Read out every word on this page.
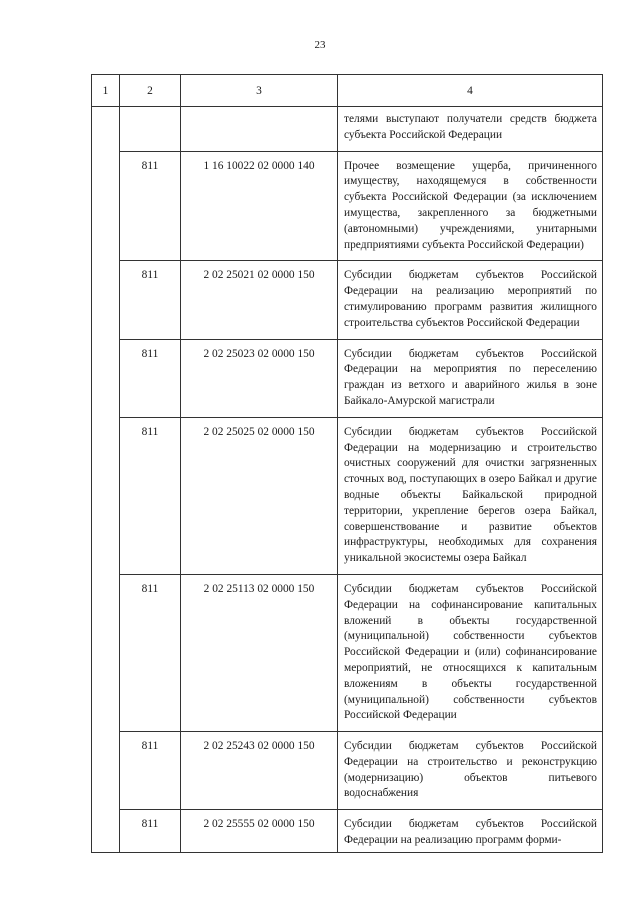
23
1	2	3	4
			телями выступают получатели средств бюджета субъекта Российской Федерации
	811	1 16 10022 02 0000 140	Прочее возмещение ущерба, причиненного имуществу, находящемуся в собственности субъекта Российской Федерации (за исключением имущества, закрепленного за бюджетными (автономными) учреждениями, унитарными предприятиями субъекта Российской Федерации)
	811	2 02 25021 02 0000 150	Субсидии бюджетам субъектов Российской Федерации на реализацию мероприятий по стимулированию программ развития жилищного строительства субъектов Российской Федерации
	811	2 02 25023 02 0000 150	Субсидии бюджетам субъектов Российской Федерации на мероприятия по переселению граждан из ветхого и аварийного жилья в зоне Байкало-Амурской магистрали
	811	2 02 25025 02 0000 150	Субсидии бюджетам субъектов Российской Федерации на модернизацию и строительство очистных сооружений для очистки загрязненных сточных вод, поступающих в озеро Байкал и другие водные объекты Байкальской природной территории, укрепление берегов озера Байкал, совершенствование и развитие объектов инфраструктуры, необходимых для сохранения уникальной экосистемы озера Байкал
	811	2 02 25113 02 0000 150	Субсидии бюджетам субъектов Российской Федерации на софинансирование капитальных вложений в объекты государственной (муниципальной) собственности субъектов Российской Федерации и (или) софинансирование мероприятий, не относящихся к капитальным вложениям в объекты государственной (муниципальной) собственности субъектов Российской Федерации
	811	2 02 25243 02 0000 150	Субсидии бюджетам субъектов Российской Федерации на строительство и реконструкцию (модернизацию) объектов питьевого водоснабжения
	811	2 02 25555 02 0000 150	Субсидии бюджетам субъектов Российской Федерации на реализацию программ форми-
